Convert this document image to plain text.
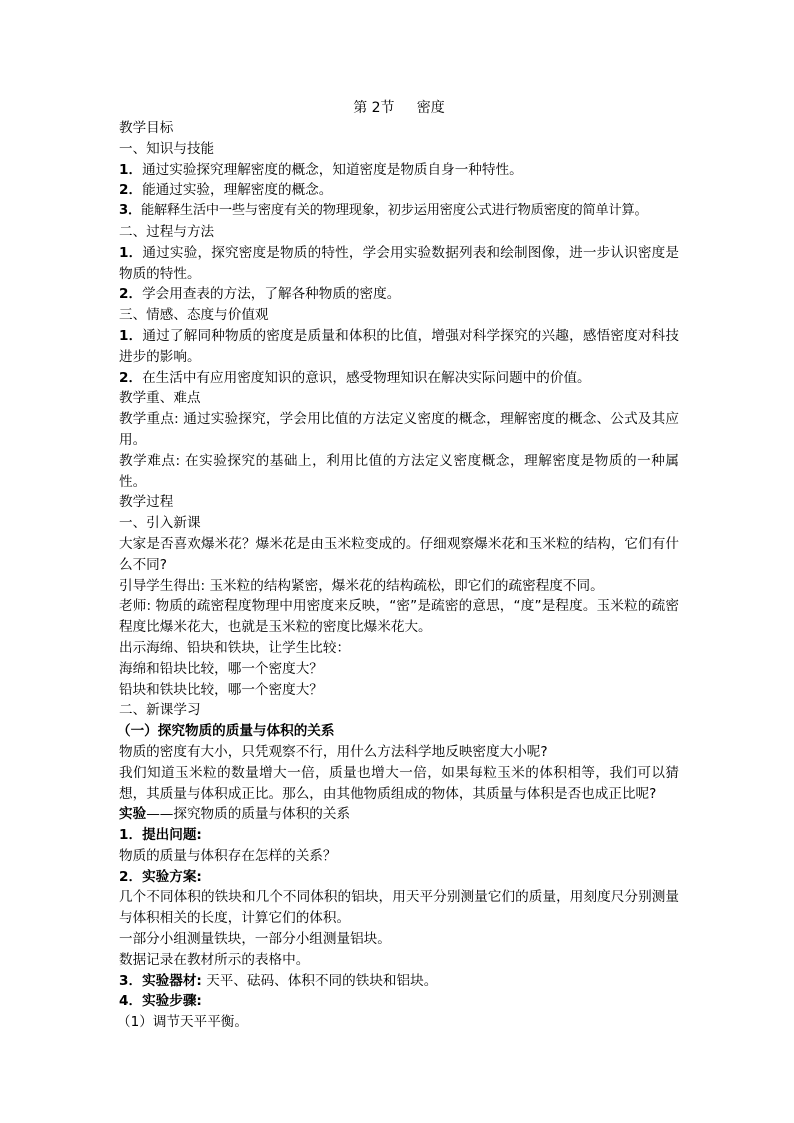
第 2节     密度

教学目标

一、知识与技能

1．通过实验探究理解密度的概念，知道密度是物质自身一种特性。

2．能通过实验，理解密度的概念。

3．能解释生活中一些与密度有关的物理现象，初步运用密度公式进行物质密度的简单计算。

二、过程与方法

1．通过实验，探究密度是物质的特性，学会用实验数据列表和绘制图像，进一步认识密度是物质的特性。

2．学会用查表的方法，了解各种物质的密度。

三、情感、态度与价值观

1．通过了解同种物质的密度是质量和体积的比值，增强对科学探究的兴趣，感悟密度对科技进步的影响。

2．在生活中有应用密度知识的意识，感受物理知识在解决实际问题中的价值。

教学重、难点

教学重点: 通过实验探究，学会用比值的方法定义密度的概念，理解密度的概念、公式及其应用。

教学难点: 在实验探究的基础上，利用比值的方法定义密度概念，理解密度是物质的一种属性。

教学过程

一、引入新课

大家是否喜欢爆米花？爆米花是由玉米粒变成的。仔细观察爆米花和玉米粒的结构，它们有什么不同?

引导学生得出: 玉米粒的结构紧密，爆米花的结构疏松，即它们的疏密程度不同。

老师: 物质的疏密程度物理中用密度来反映，“密”是疏密的意思，“度”是程度。玉米粒的疏密程度比爆米花大，也就是玉米粒的密度比爆米花大。

出示海绵、铅块和铁块，让学生比较：

海绵和铅块比较，哪一个密度大？

铅块和铁块比较，哪一个密度大？

二、新课学习

（一）探究物质的质量与体积的关系

物质的密度有大小，只凭观察不行，用什么方法科学地反映密度大小呢?

我们知道玉米粒的数量增大一倍，质量也增大一倍，如果每粒玉米的体积相等，我们可以猜想，其质量与体积成正比。那么，由其他物质组成的物体，其质量与体积是否也成正比呢?

实验——探究物质的质量与体积的关系

1．提出问题:

物质的质量与体积存在怎样的关系？

2．实验方案:

几个不同体积的铁块和几个不同体积的铝块，用天平分别测量它们的质量，用刻度尺分别测量与体积相关的长度，计算它们的体积。

一部分小组测量铁块，一部分小组测量铝块。

数据记录在教材所示的表格中。

3．实验器材: 天平、砝码、体积不同的铁块和铝块。

4．实验步骤:

（1）调节天平平衡。
